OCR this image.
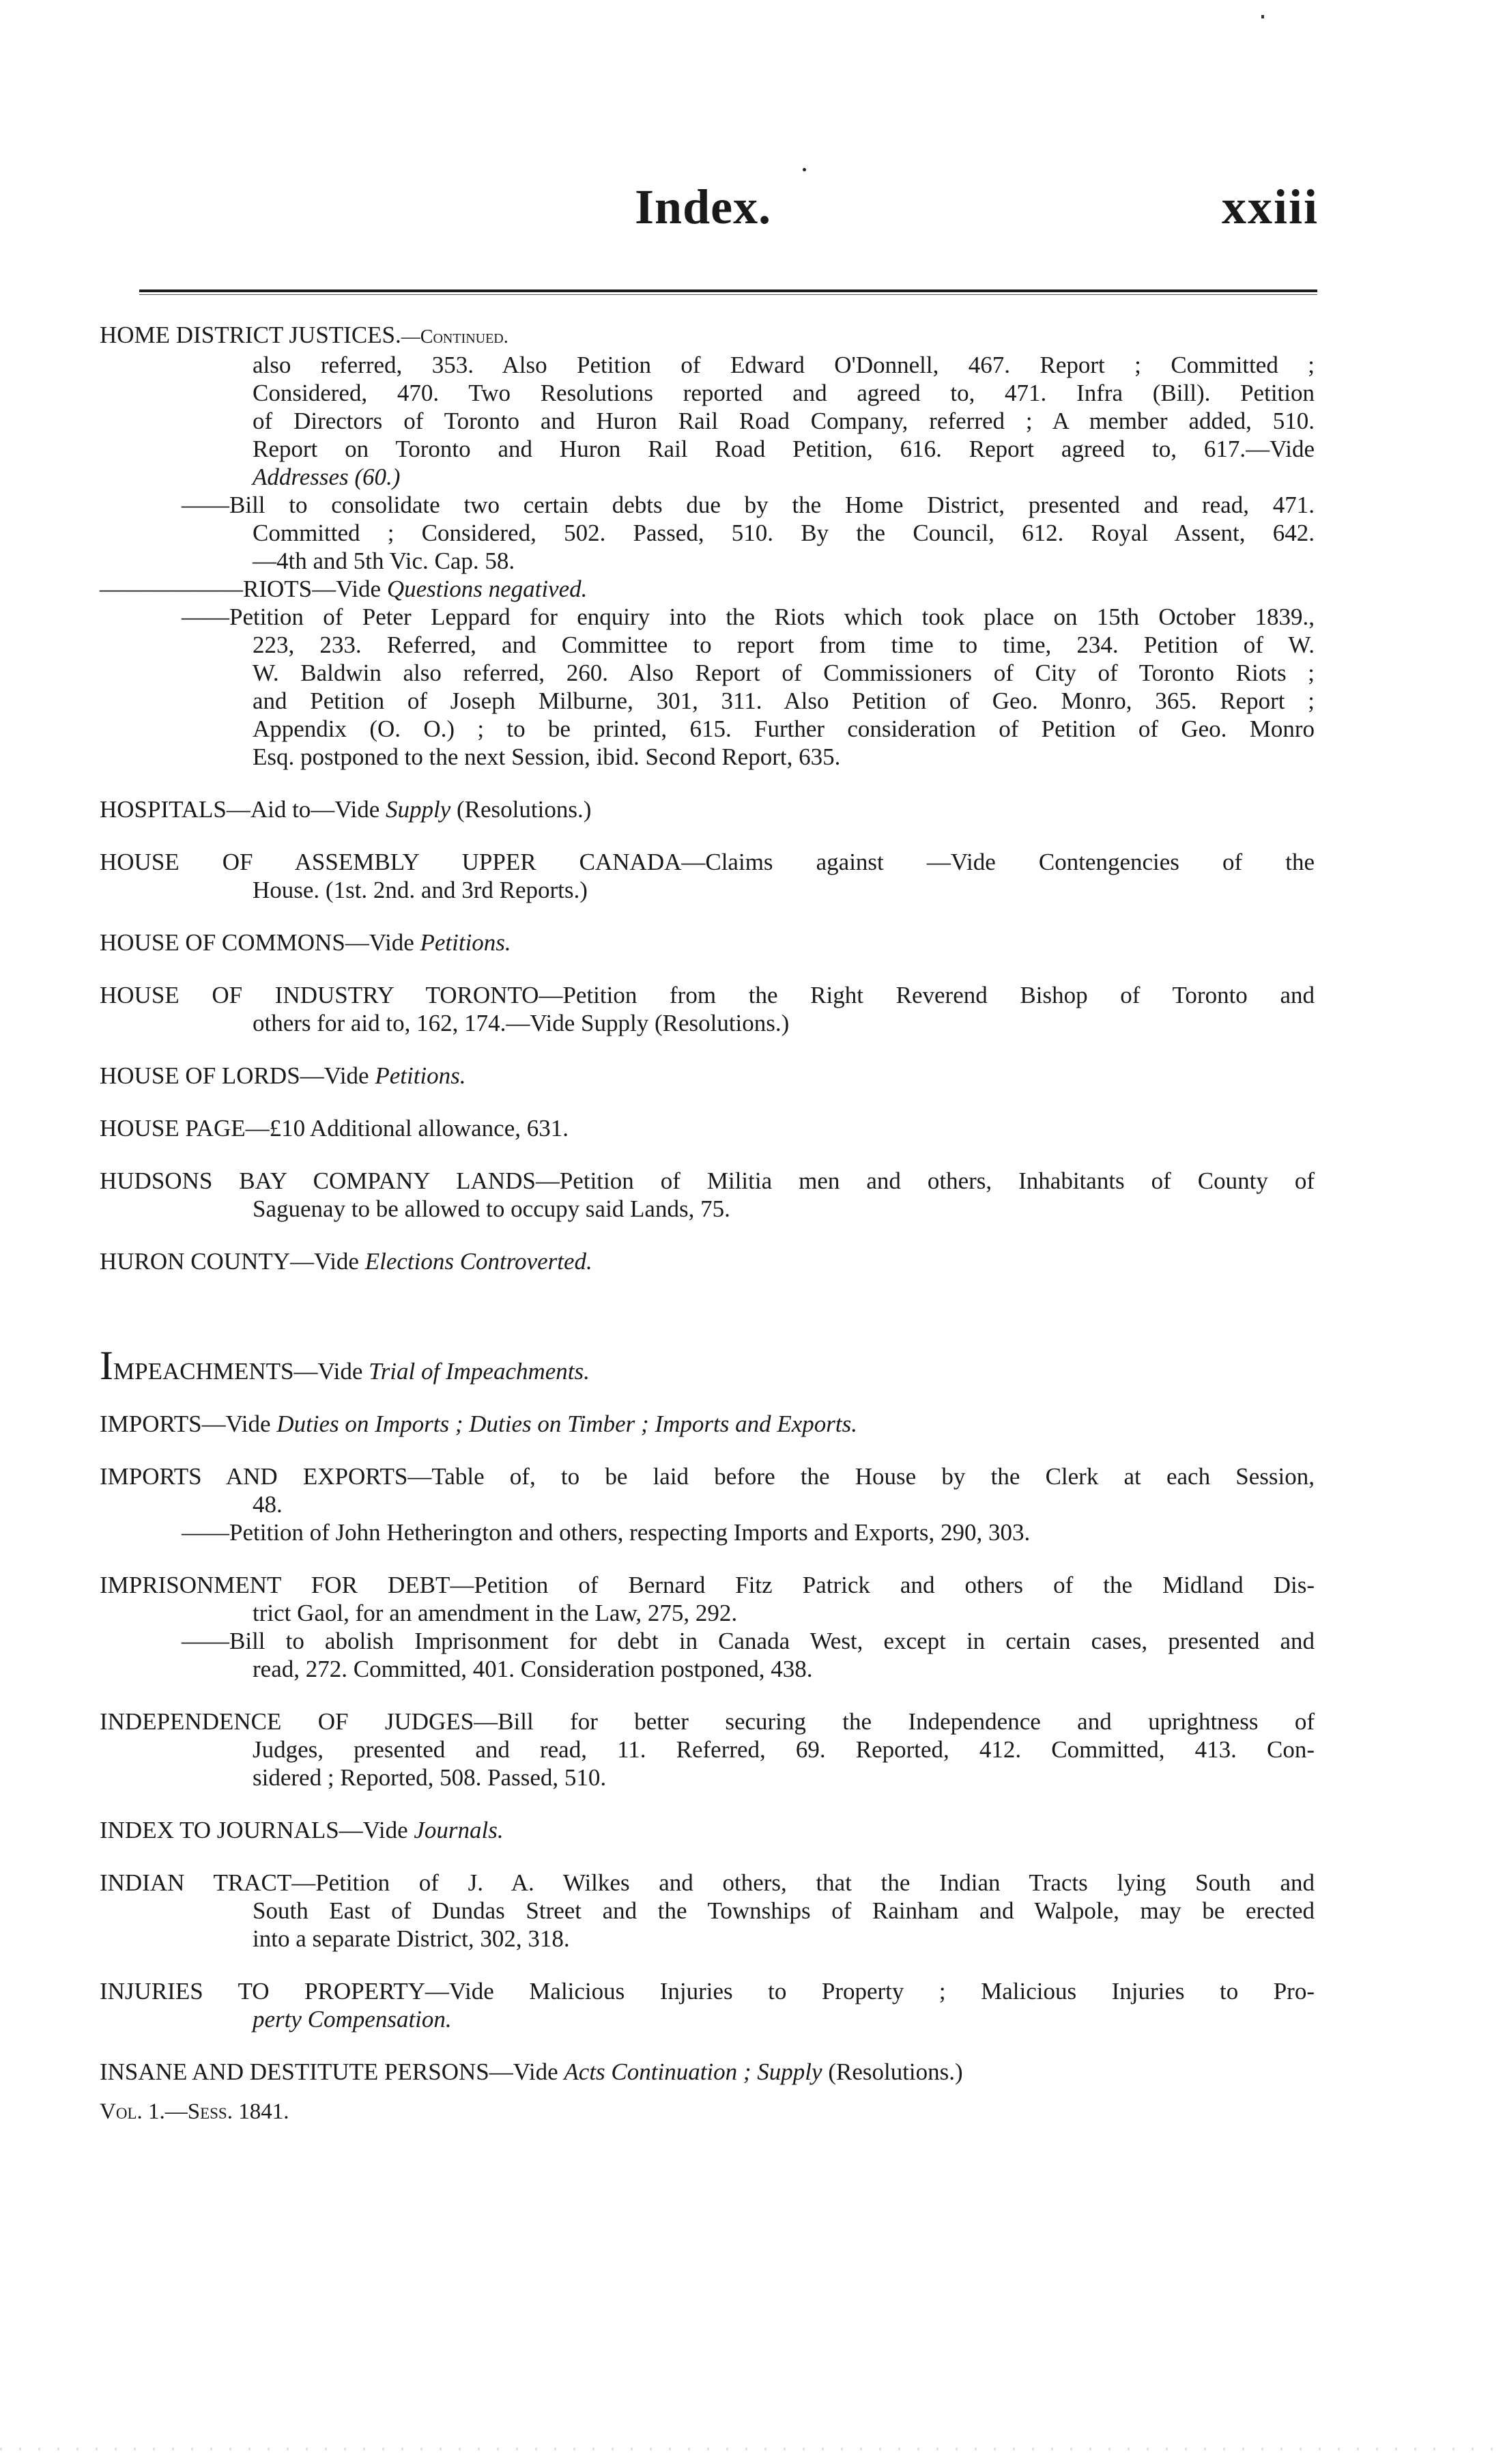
Index.	xxiii
HOME DISTRICT JUSTICES.—Continued.
also referred, 353. Also Petition of Edward O'Donnell, 467. Report ; Committed ;
Considered, 470. Two Resolutions reported and agreed to, 471. Infra (Bill). Petition
of Directors of Toronto and Huron Rail Road Company, referred ; A member added, 510.
Report on Toronto and Huron Rail Road Petition, 616. Report agreed to, 617.—Vide
Addresses (60.)
——Bill to consolidate two certain debts due by the Home District, presented and read, 471.
Committed ; Considered, 502. Passed, 510. By the Council, 612. Royal Assent, 642.
—4th and 5th Vic. Cap. 58.
——————RIOTS—Vide Questions negatived.
——Petition of Peter Leppard for enquiry into the Riots which took place on 15th October 1839.,
223, 233. Referred, and Committee to report from time to time, 234. Petition of W.
W. Baldwin also referred, 260. Also Report of Commissioners of City of Toronto Riots ;
and Petition of Joseph Milburne, 301, 311. Also Petition of Geo. Monro, 365. Report ;
Appendix (O. O.) ; to be printed, 615. Further consideration of Petition of Geo. Monro
Esq. postponed to the next Session, ibid. Second Report, 635.
HOSPITALS—Aid to—Vide Supply (Resolutions.)
HOUSE OF ASSEMBLY UPPER CANADA—Claims against —Vide Contengencies of the
House. (1st. 2nd. and 3rd Reports.)
HOUSE OF COMMONS—Vide Petitions.
HOUSE OF INDUSTRY TORONTO—Petition from the Right Reverend Bishop of Toronto and
others for aid to, 162, 174.—Vide Supply (Resolutions.)
HOUSE OF LORDS—Vide Petitions.
HOUSE PAGE—£10 Additional allowance, 631.
HUDSONS BAY COMPANY LANDS—Petition of Militia men and others, Inhabitants of County of
Saguenay to be allowed to occupy said Lands, 75.
HURON COUNTY—Vide Elections Controverted.
IMPEACHMENTS—Vide Trial of Impeachments.
IMPORTS—Vide Duties on Imports ; Duties on Timber ; Imports and Exports.
IMPORTS AND EXPORTS—Table of, to be laid before the House by the Clerk at each Session,
48.
——Petition of John Hetherington and others, respecting Imports and Exports, 290, 303.
IMPRISONMENT FOR DEBT—Petition of Bernard Fitz Patrick and others of the Midland Dis-
trict Gaol, for an amendment in the Law, 275, 292.
——Bill to abolish Imprisonment for debt in Canada West, except in certain cases, presented and
read, 272. Committed, 401. Consideration postponed, 438.
INDEPENDENCE OF JUDGES—Bill for better securing the Independence and uprightness of
Judges, presented and read, 11. Referred, 69. Reported, 412. Committed, 413. Con-
sidered ; Reported, 508. Passed, 510.
INDEX TO JOURNALS—Vide Journals.
INDIAN TRACT—Petition of J. A. Wilkes and others, that the Indian Tracts lying South and
South East of Dundas Street and the Townships of Rainham and Walpole, may be erected
into a separate District, 302, 318.
INJURIES TO PROPERTY—Vide Malicious Injuries to Property ; Malicious Injuries to Pro-
perty Compensation.
INSANE AND DESTITUTE PERSONS—Vide Acts Continuation ; Supply (Resolutions.)
Vol. 1.—Sess. 1841.
